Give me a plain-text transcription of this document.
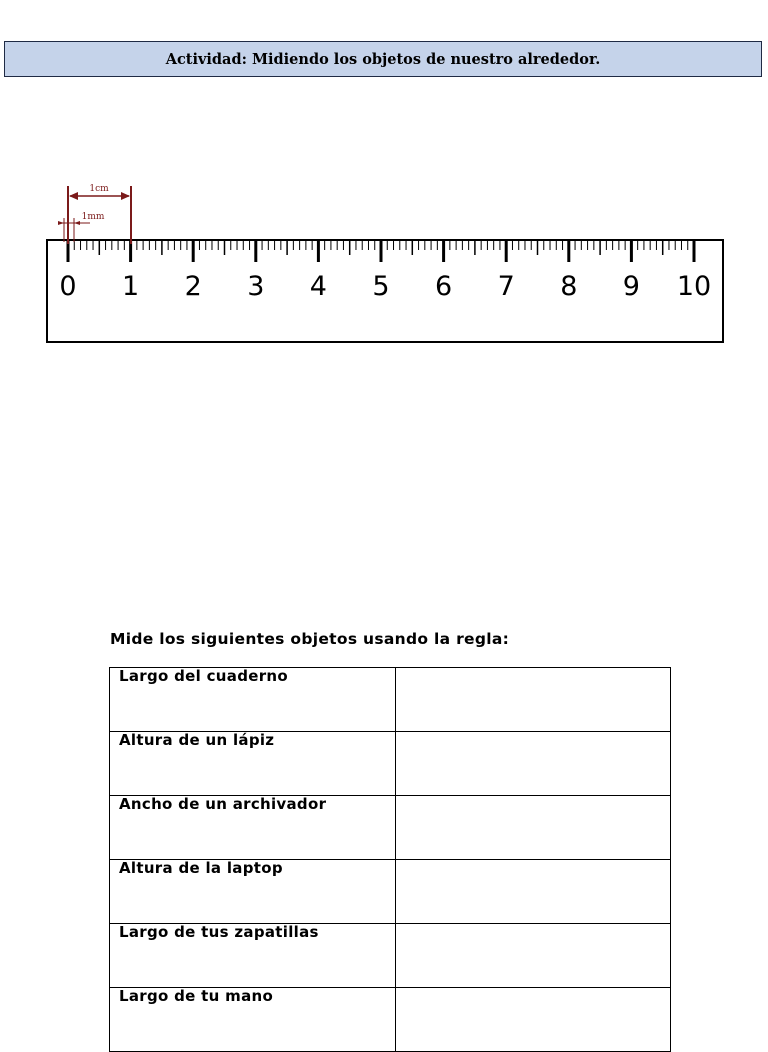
Actividad: Midiendo los objetos de nuestro alrededor.
0 1 2 3 4 5 6 7 8 9 10
1cm
1mm
Mide los siguientes objetos usando la regla:
Largo del cuaderno	
Altura de un lápiz	
Ancho de un archivador	
Altura de la laptop	
Largo de tus zapatillas	
Largo de tu mano	
